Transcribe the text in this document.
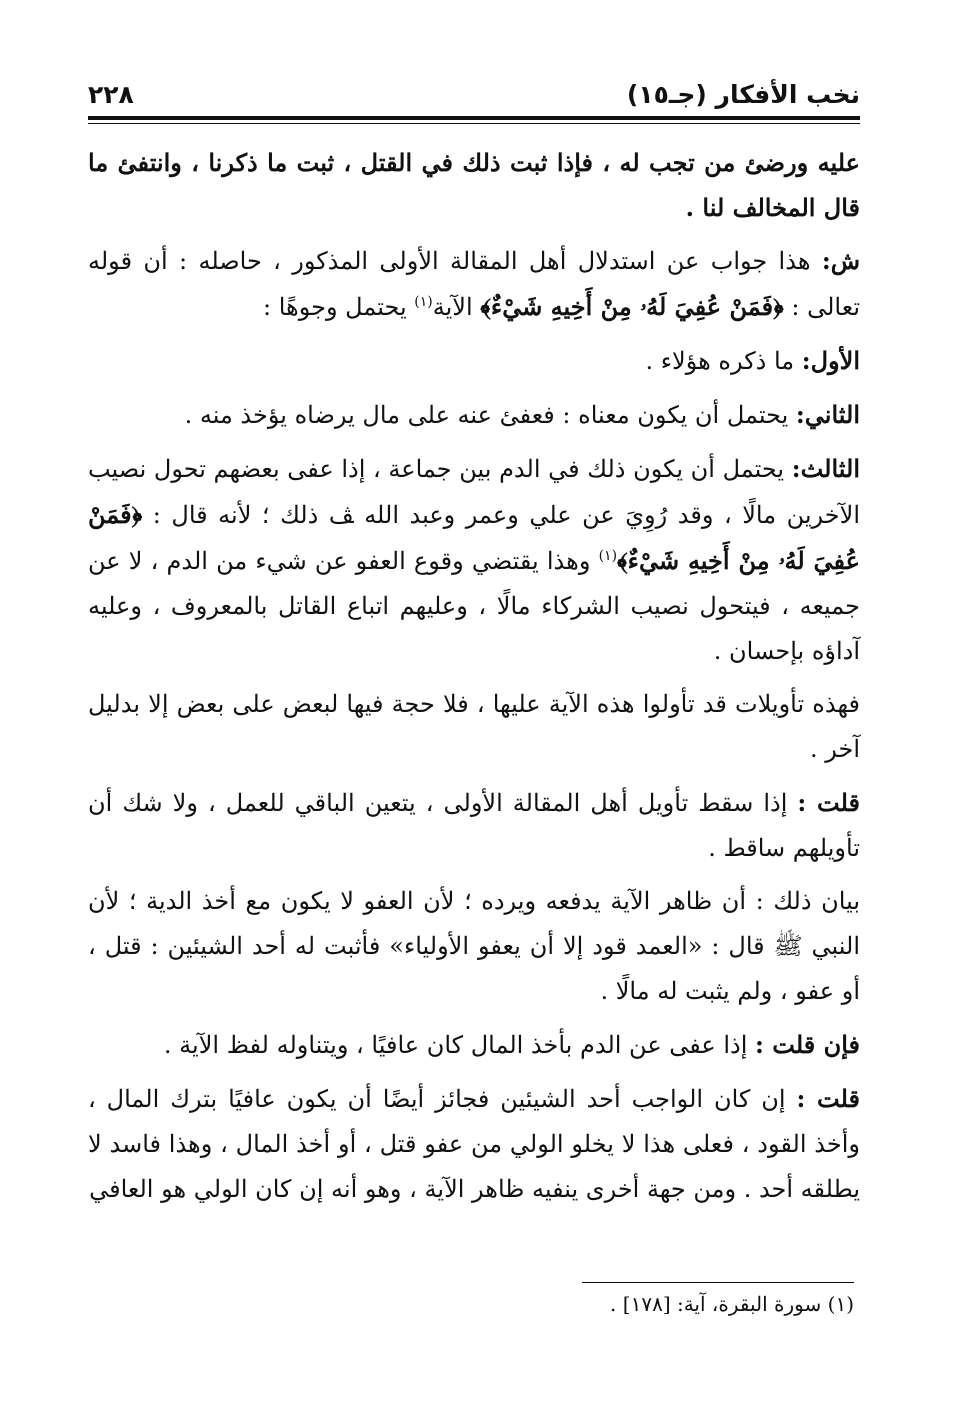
نخب الأفكار (جـ١٥)
٢٢٨

عليه ورضئ من تجب له ، فإذا ثبت ذلك في القتل ، ثبت ما ذكرنا ، وانتفئ ما قال المخالف لنا .

ش: هذا جواب عن استدلال أهل المقالة الأولى المذكور ، حاصله : أن قوله تعالى : ﴿فَمَنْ عُفِيَ لَهُۥ مِنْ أَخِيهِ شَيْءٌ﴾ الآية$^{(١)}$ يحتمل وجوهًا :

الأول: ما ذكره هؤلاء .

الثاني: يحتمل أن يكون معناه : فعفئ عنه على مال يرضاه يؤخذ منه .

الثالث: يحتمل أن يكون ذلك في الدم بين جماعة ، إذا عفى بعضهم تحول نصيب الآخرين مالًا ، وقد رُوِيَ عن علي وعمر وعبد الله ﭫ ذلك ؛ لأنه قال : ﴿فَمَنْ عُفِيَ لَهُۥ مِنْ أَخِيهِ شَيْءٌ﴾$^{(١)}$ وهذا يقتضي وقوع العفو عن شيء من الدم ، لا عن جميعه ، فيتحول نصيب الشركاء مالًا ، وعليهم اتباع القاتل بالمعروف ، وعليه آداؤه بإحسان .

فهذه تأويلات قد تأولوا هذه الآية عليها ، فلا حجة فيها لبعض على بعض إلا بدليل آخر .

قلت : إذا سقط تأويل أهل المقالة الأولى ، يتعين الباقي للعمل ، ولا شك أن تأويلهم ساقط .

بيان ذلك : أن ظاهر الآية يدفعه ويرده ؛ لأن العفو لا يكون مع أخذ الدية ؛ لأن النبي ﷺ قال : «العمد قود إلا أن يعفو الأولياء» فأثبت له أحد الشيئين : قتل ، أو عفو ، ولم يثبت له مالًا .

فإن قلت : إذا عفى عن الدم بأخذ المال كان عافيًا ، ويتناوله لفظ الآية .

قلت : إن كان الواجب أحد الشيئين فجائز أيضًا أن يكون عافيًا بترك المال ، وأخذ القود ، فعلى هذا لا يخلو الولي من عفو قتل ، أو أخذ المال ، وهذا فاسد لا يطلقه أحد . ومن جهة أخرى ينفيه ظاهر الآية ، وهو أنه إن كان الولي هو العافي

(١) سورة البقرة، آية: [١٧٨] .
